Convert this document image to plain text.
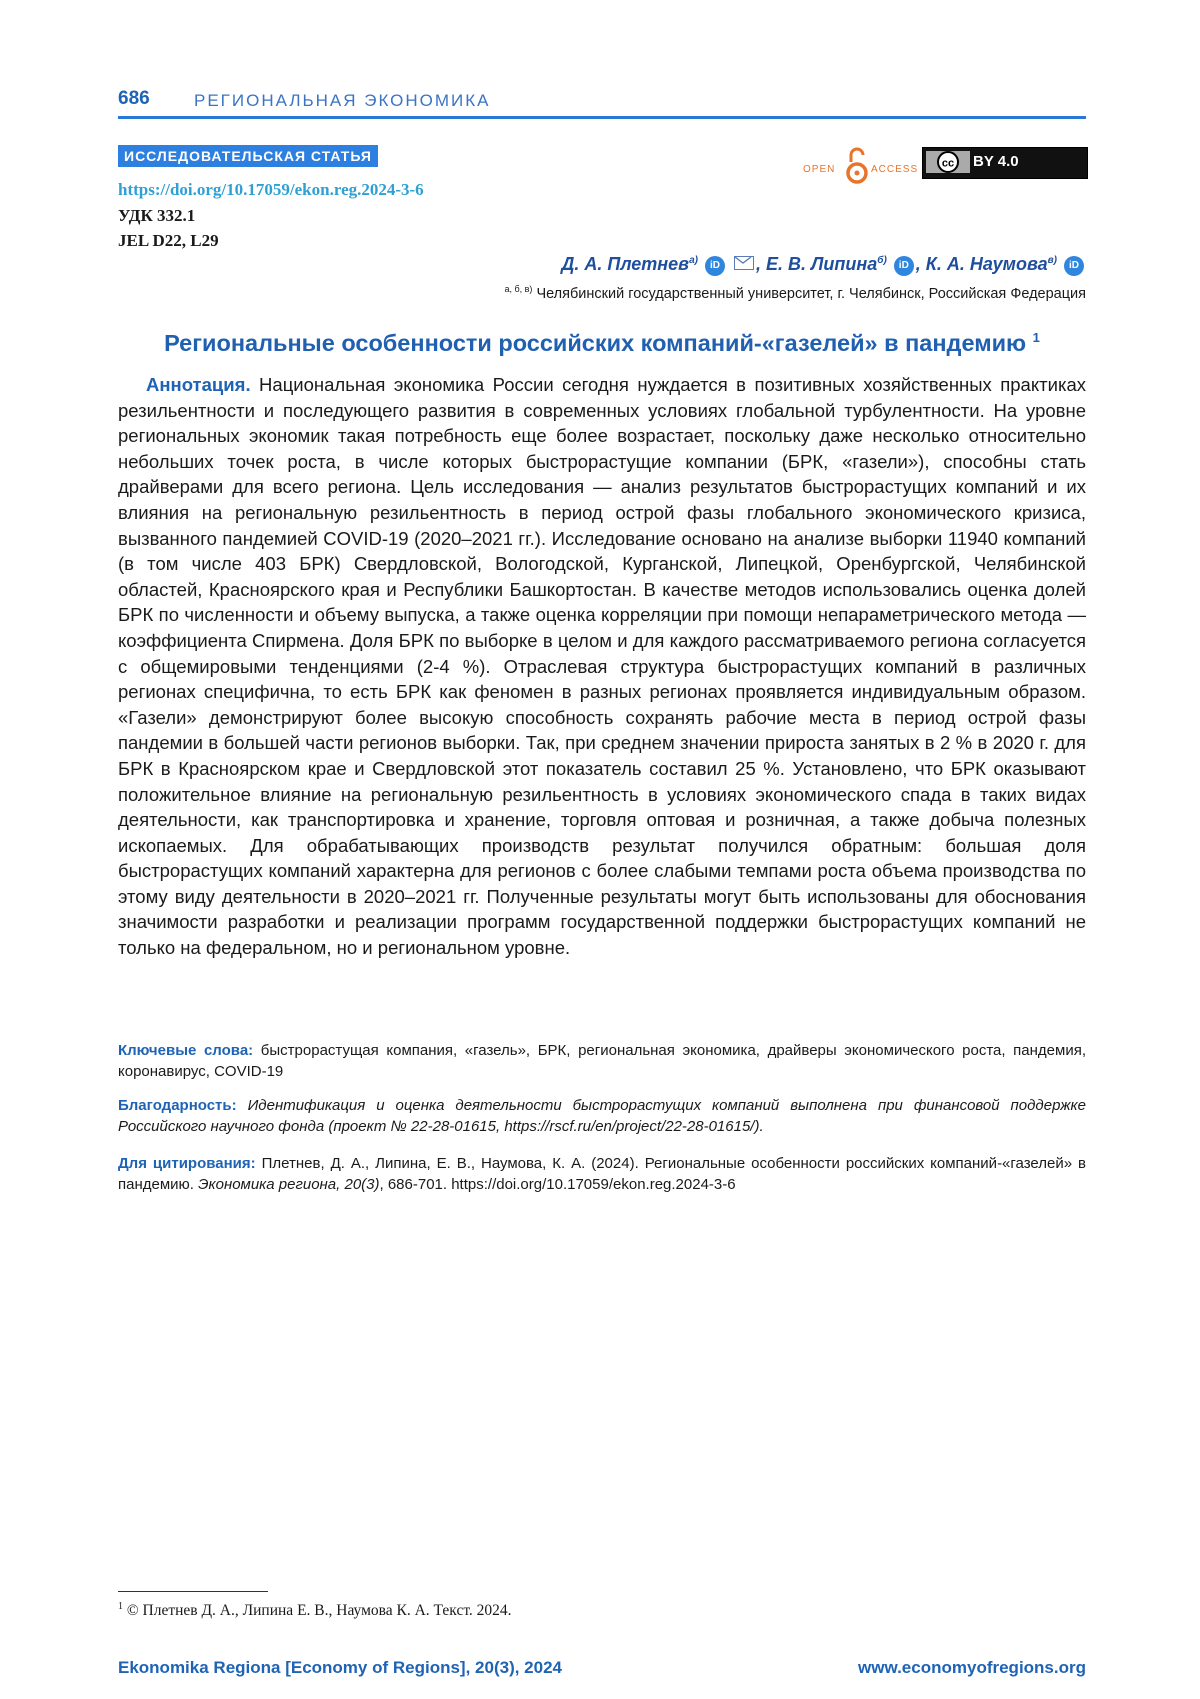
686	РЕГИОНАЛЬНАЯ ЭКОНОМИКА
ИССЛЕДОВАТЕЛЬСКАЯ СТАТЬЯ
https://doi.org/10.17059/ekon.reg.2024-3-6
УДК 332.1
JEL D22, L29
OPEN	ACCESS cc BY 4.0
Д. А. Плетнев$^{а)}$ iD , Е. В. Липина$^{б)}$ iD , К. А. Наумова$^{в)}$ iD
$^{а, б, в)}$ Челябинский государственный университет, г. Челябинск, Российская Федерация
Региональные особенности российских компаний-«газелей» в пандемию $^1$
Аннотация. Национальная экономика России сегодня нуждается в позитивных хозяйственных практиках резильентности и последующего развития в современных условиях глобальной турбулентности. На уровне региональных экономик такая потребность еще более возрастает, поскольку даже несколько относительно небольших точек роста, в числе которых быстрорастущие компании (БРК, «газели»), способны стать драйверами для всего региона. Цель исследования — анализ результатов быстрорастущих компаний и их влияния на региональную резильентность в период острой фазы глобального экономического кризиса, вызванного пандемией COVID-19 (2020–2021 гг.). Исследование основано на анализе выборки 11940 компаний (в том числе 403 БРК) Свердловской, Вологодской, Курганской, Липецкой, Оренбургской, Челябинской областей, Красноярского края и Республики Башкортостан. В качестве методов использовались оценка долей БРК по численности и объему выпуска, а также оценка корреляции при помощи непараметрического метода — коэффициента Спирмена. Доля БРК по выборке в целом и для каждого рассматриваемого региона согласуется с общемировыми тенденциями (2-4 %). Отраслевая структура быстрорастущих компаний в различных регионах специфична, то есть БРК как феномен в разных регионах проявляется индивидуальным образом. «Газели» демонстрируют более высокую способность сохранять рабочие места в период острой фазы пандемии в большей части регионов выборки. Так, при среднем значении прироста занятых в 2 % в 2020 г. для БРК в Красноярском крае и Свердловской этот показатель составил 25 %. Установлено, что БРК оказывают положительное влияние на региональную резильентность в условиях экономического спада в таких видах деятельности, как транспортировка и хранение, торговля оптовая и розничная, а также добыча полезных ископаемых. Для обрабатывающих производств результат получился обратным: большая доля быстрорастущих компаний характерна для регионов с более слабыми темпами роста объема производства по этому виду деятельности в 2020–2021 гг. Полученные результаты могут быть использованы для обоснования значимости разработки и реализации программ государственной поддержки быстрорастущих компаний не только на федеральном, но и региональном уровне.
Ключевые слова: быстрорастущая компания, «газель», БРК, региональная экономика, драйверы экономического роста, пандемия, коронавирус, COVID-19
Благодарность: Идентификация и оценка деятельности быстрорастущих компаний выполнена при финансовой поддержке Российского научного фонда (проект № 22-28-01615, https://rscf.ru/en/project/22-28-01615/).
Для цитирования: Плетнев, Д. А., Липина, Е. В., Наумова, К. А. (2024). Региональные особенности российских компаний-«газелей» в пандемию. Экономика региона, 20(3), 686-701. https://doi.org/10.17059/ekon.reg.2024-3-6
$^1$ © Плетнев Д. А., Липина Е. В., Наумова К. А. Текст. 2024.
Ekonomika Regiona [Economy of Regions], 20(3), 2024	www.economyofregions.org
